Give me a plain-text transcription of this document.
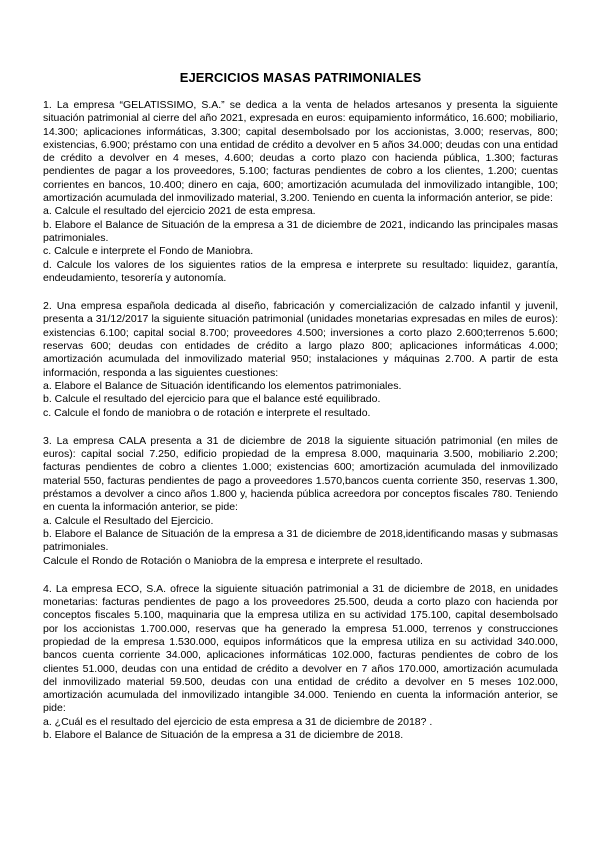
EJERCICIOS MASAS PATRIMONIALES

1. La empresa “GELATISSIMO, S.A.” se dedica a la venta de helados artesanos y presenta la siguiente situación patrimonial al cierre del año 2021, expresada en euros: equipamiento informático, 16.600; mobiliario, 14.300; aplicaciones informáticas, 3.300; capital desembolsado por los accionistas, 3.000; reservas, 800; existencias, 6.900; préstamo con una entidad de crédito a devolver en 5 años 34.000; deudas con una entidad de crédito a devolver en 4 meses, 4.600; deudas a corto plazo con hacienda pública, 1.300; facturas pendientes de pagar a los proveedores, 5.100; facturas pendientes de cobro a los clientes, 1.200; cuentas corrientes en bancos, 10.400; dinero en caja, 600; amortización acumulada del inmovilizado intangible, 100; amortización acumulada del inmovilizado material, 3.200. Teniendo en cuenta la información anterior, se pide:

a. Calcule el resultado del ejercicio 2021 de esta empresa.

b. Elabore el Balance de Situación de la empresa a 31 de diciembre de 2021, indicando las principales masas patrimoniales.

c. Calcule e interprete el Fondo de Maniobra.

d. Calcule los valores de los siguientes ratios de la empresa e interprete su resultado: liquidez, garantía, endeudamiento, tesorería y autonomía.

2. Una empresa española dedicada al diseño, fabricación y comercialización de calzado infantil y juvenil, presenta a 31/12/2017 la siguiente situación patrimonial (unidades monetarias expresadas en miles de euros): existencias 6.100; capital social 8.700; proveedores 4.500; inversiones a corto plazo 2.600;terrenos 5.600; reservas 600; deudas con entidades de crédito a largo plazo 800; aplicaciones informáticas 4.000; amortización acumulada del inmovilizado material 950; instalaciones y máquinas 2.700. A partir de esta información, responda a las siguientes cuestiones:

a. Elabore el Balance de Situación identificando los elementos patrimoniales.

b. Calcule el resultado del ejercicio para que el balance esté equilibrado.

c. Calcule el fondo de maniobra o de rotación e interprete el resultado.

3. La empresa CALA presenta a 31 de diciembre de 2018 la siguiente situación patrimonial (en miles de euros): capital social 7.250, edificio propiedad de la empresa 8.000, maquinaria 3.500, mobiliario 2.200; facturas pendientes de cobro a clientes 1.000; existencias 600; amortización acumulada del inmovilizado material 550, facturas pendientes de pago a proveedores 1.570,bancos cuenta corriente 350, reservas 1.300, préstamos a devolver a cinco años 1.800 y, hacienda pública acreedora por conceptos fiscales 780. Teniendo en cuenta la información anterior, se pide:

a. Calcule el Resultado del Ejercicio.

b. Elabore el Balance de Situación de la empresa a 31 de diciembre de 2018,identificando masas y submasas patrimoniales.

Calcule el Rondo de Rotación o Maniobra de la empresa e interprete el resultado.

4. La empresa ECO, S.A. ofrece la siguiente situación patrimonial a 31 de diciembre de 2018, en unidades monetarias: facturas pendientes de pago a los proveedores 25.500, deuda a corto plazo con hacienda por conceptos fiscales 5.100, maquinaria que la empresa utiliza en su actividad 175.100, capital desembolsado por los accionistas 1.700.000, reservas que ha generado la empresa 51.000, terrenos y construcciones propiedad de la empresa 1.530.000, equipos informáticos que la empresa utiliza en su actividad 340.000, bancos cuenta corriente 34.000, aplicaciones informáticas 102.000, facturas pendientes de cobro de los clientes 51.000, deudas con una entidad de crédito a devolver en 7 años 170.000, amortización acumulada del inmovilizado material 59.500, deudas con una entidad de crédito a devolver en 5 meses 102.000, amortización acumulada del inmovilizado intangible 34.000. Teniendo en cuenta la información anterior, se pide:

a. ¿Cuál es el resultado del ejercicio de esta empresa a 31 de diciembre de 2018? .

b. Elabore el Balance de Situación de la empresa a 31 de diciembre de 2018.
